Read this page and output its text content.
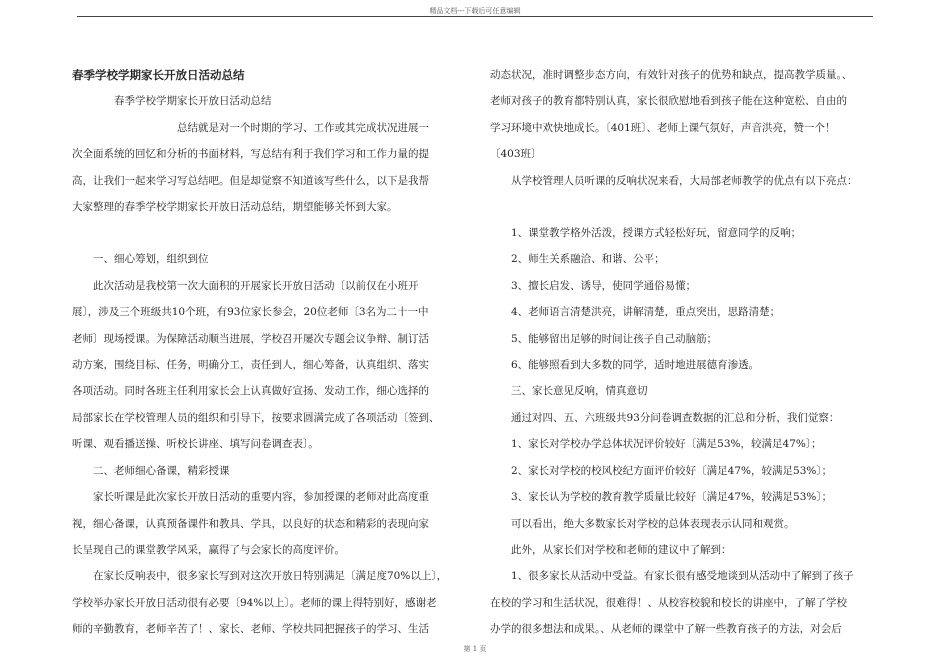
精品文档---下载后可任意编辑

春季学校学期家长开放日活动总结

　　　　春季学校学期家长开放日活动总结

　　　　　　　　　　总结就是对一个时期的学习、工作或其完成状况进展一

次全面系统的回忆和分析的书面材料，写总结有利于我们学习和工作力量的提

高，让我们一起来学习写总结吧。但是却觉察不知道该写些什么，以下是我帮

大家整理的春季学校学期家长开放日活动总结，期望能够关怀到大家。

　　一、细心筹划，组织到位

　　此次活动是我校第一次大面积的开展家长开放日活动〔以前仅在小班开

展〕，涉及三个班级共10个班，有93位家长参会，20位老师〔3名为二十一中

老师〕现场授课。为保障活动顺当进展，学校召开屡次专题会议争辩、制订活

动方案，围绕目标、任务，明确分工，责任到人，细心筹备，认真组织、落实

各项活动。同时各班主任利用家长会上认真做好宣扬、发动工作，细心选择的

局部家长在学校管理人员的组织和引导下，按要求圆满完成了各项活动〔签到、

听课、观看播送操、听校长讲座、填写问卷调查表〕。

　　二、老师细心备课，精彩授课

　　家长听课是此次家长开放日活动的重要内容，参加授课的老师对此高度重

视，细心备课，认真预备课件和教具、学具，以良好的状态和精彩的表现向家

长呈现自己的课堂教学风采，赢得了与会家长的高度评价。

　　在家长反响表中，很多家长写到对这次开放日特别满足〔满足度70%以上〕，

学校举办家长开放日活动很有必要〔94%以上〕。老师的课上得特别好，感谢老

师的辛勤教育，老师辛苦了！、家长、老师、学校共同把握孩子的学习、生活

动态状况，准时调整步态方向，有效针对孩子的优势和缺点，提高教学质量。、

老师对孩子的教育都特别认真，家长很欣慰地看到孩子能在这种宽松、自由的

学习环境中欢快地成长。〔401班〕、老师上课气氛好，声音洪亮，赞一个！

〔403班〕

　　从学校管理人员听课的反响状况来看，大局部老师教学的优点有以下亮点：

　　1、课堂教学格外活泼，授课方式轻松好玩，留意同学的反响；

　　2、师生关系融洽、和谐、公平；

　　3、擅长启发、诱导，使同学通俗易懂；

　　4、老师语言清楚洪亮，讲解清楚，重点突出，思路清楚；

　　5、能够留出足够的时间让孩子自己动脑筋；

　　6、能够照看到大多数的同学，适时地进展德育渗透。

　　三、家长意见反响，情真意切

　　通过对四、五、六班级共93分问卷调查数据的汇总和分析，我们觉察：

　　1、家长对学校办学总体状况评价较好〔满足53%，较满足47%〕；

　　2、家长对学校的校风校纪方面评价较好〔满足47%，较满足53%〕；

　　3、家长认为学校的教育教学质量比较好〔满足47%，较满足53%〕；

　　可以看出，绝大多数家长对学校的总体表现表示认同和观赏。

　　此外，从家长们对学校和老师的建议中了解到：

　　1、很多家长从活动中受益。有家长很有感受地谈到从活动中了解到了孩子

在校的学习和生活状况，很难得！、从校容校貌和校长的讲座中，了解了学校

办学的很多想法和成果。、从老师的课堂中了解一些教育孩子的方法，对会后

第 1 页
